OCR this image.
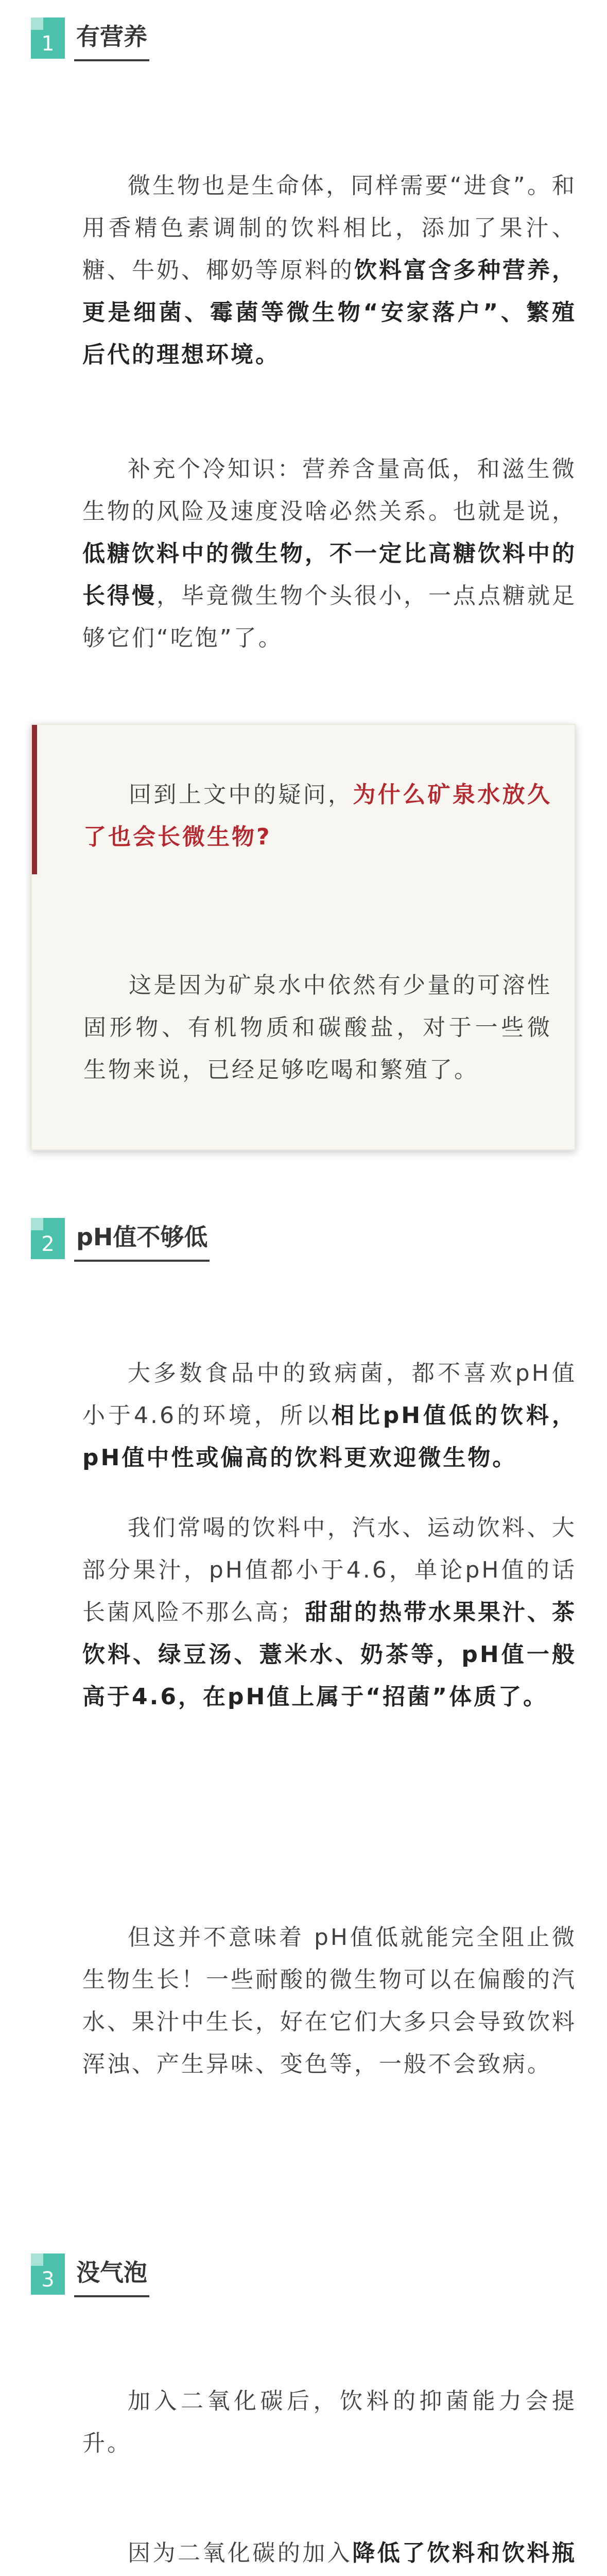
1 有营养

微生物也是生命体，同样需要“进食”。和用香精色素调制的饮料相比，添加了果汁、糖、牛奶、椰奶等原料的饮料富含多种营养，更是细菌、霉菌等微生物“安家落户”、繁殖后代的理想环境。

补充个冷知识：营养含量高低，和滋生微生物的风险及速度没啥必然关系。也就是说，低糖饮料中的微生物，不一定比高糖饮料中的长得慢，毕竟微生物个头很小，一点点糖就足够它们“吃饱”了。

回到上文中的疑问，为什么矿泉水放久了也会长微生物?

这是因为矿泉水中依然有少量的可溶性固形物、有机物质和碳酸盐，对于一些微生物来说，已经足够吃喝和繁殖了。

2 pH值不够低

大多数食品中的致病菌，都不喜欢pH值小于4.6的环境，所以相比pH值低的饮料，pH值中性或偏高的饮料更欢迎微生物。

我们常喝的饮料中，汽水、运动饮料、大部分果汁，pH值都小于4.6，单论pH值的话长菌风险不那么高；甜甜的热带水果果汁、茶饮料、绿豆汤、薏米水、奶茶等，pH值一般高于4.6，在pH值上属于“招菌”体质了。

但这并不意味着 pH值低就能完全阻止微生物生长！一些耐酸的微生物可以在偏酸的汽水、果汁中生长，好在它们大多只会导致饮料浑浊、产生异味、变色等，一般不会致病。

3 没气泡

加入二氧化碳后，饮料的抑菌能力会提升。

因为二氧化碳的加入降低了饮料和饮料瓶
